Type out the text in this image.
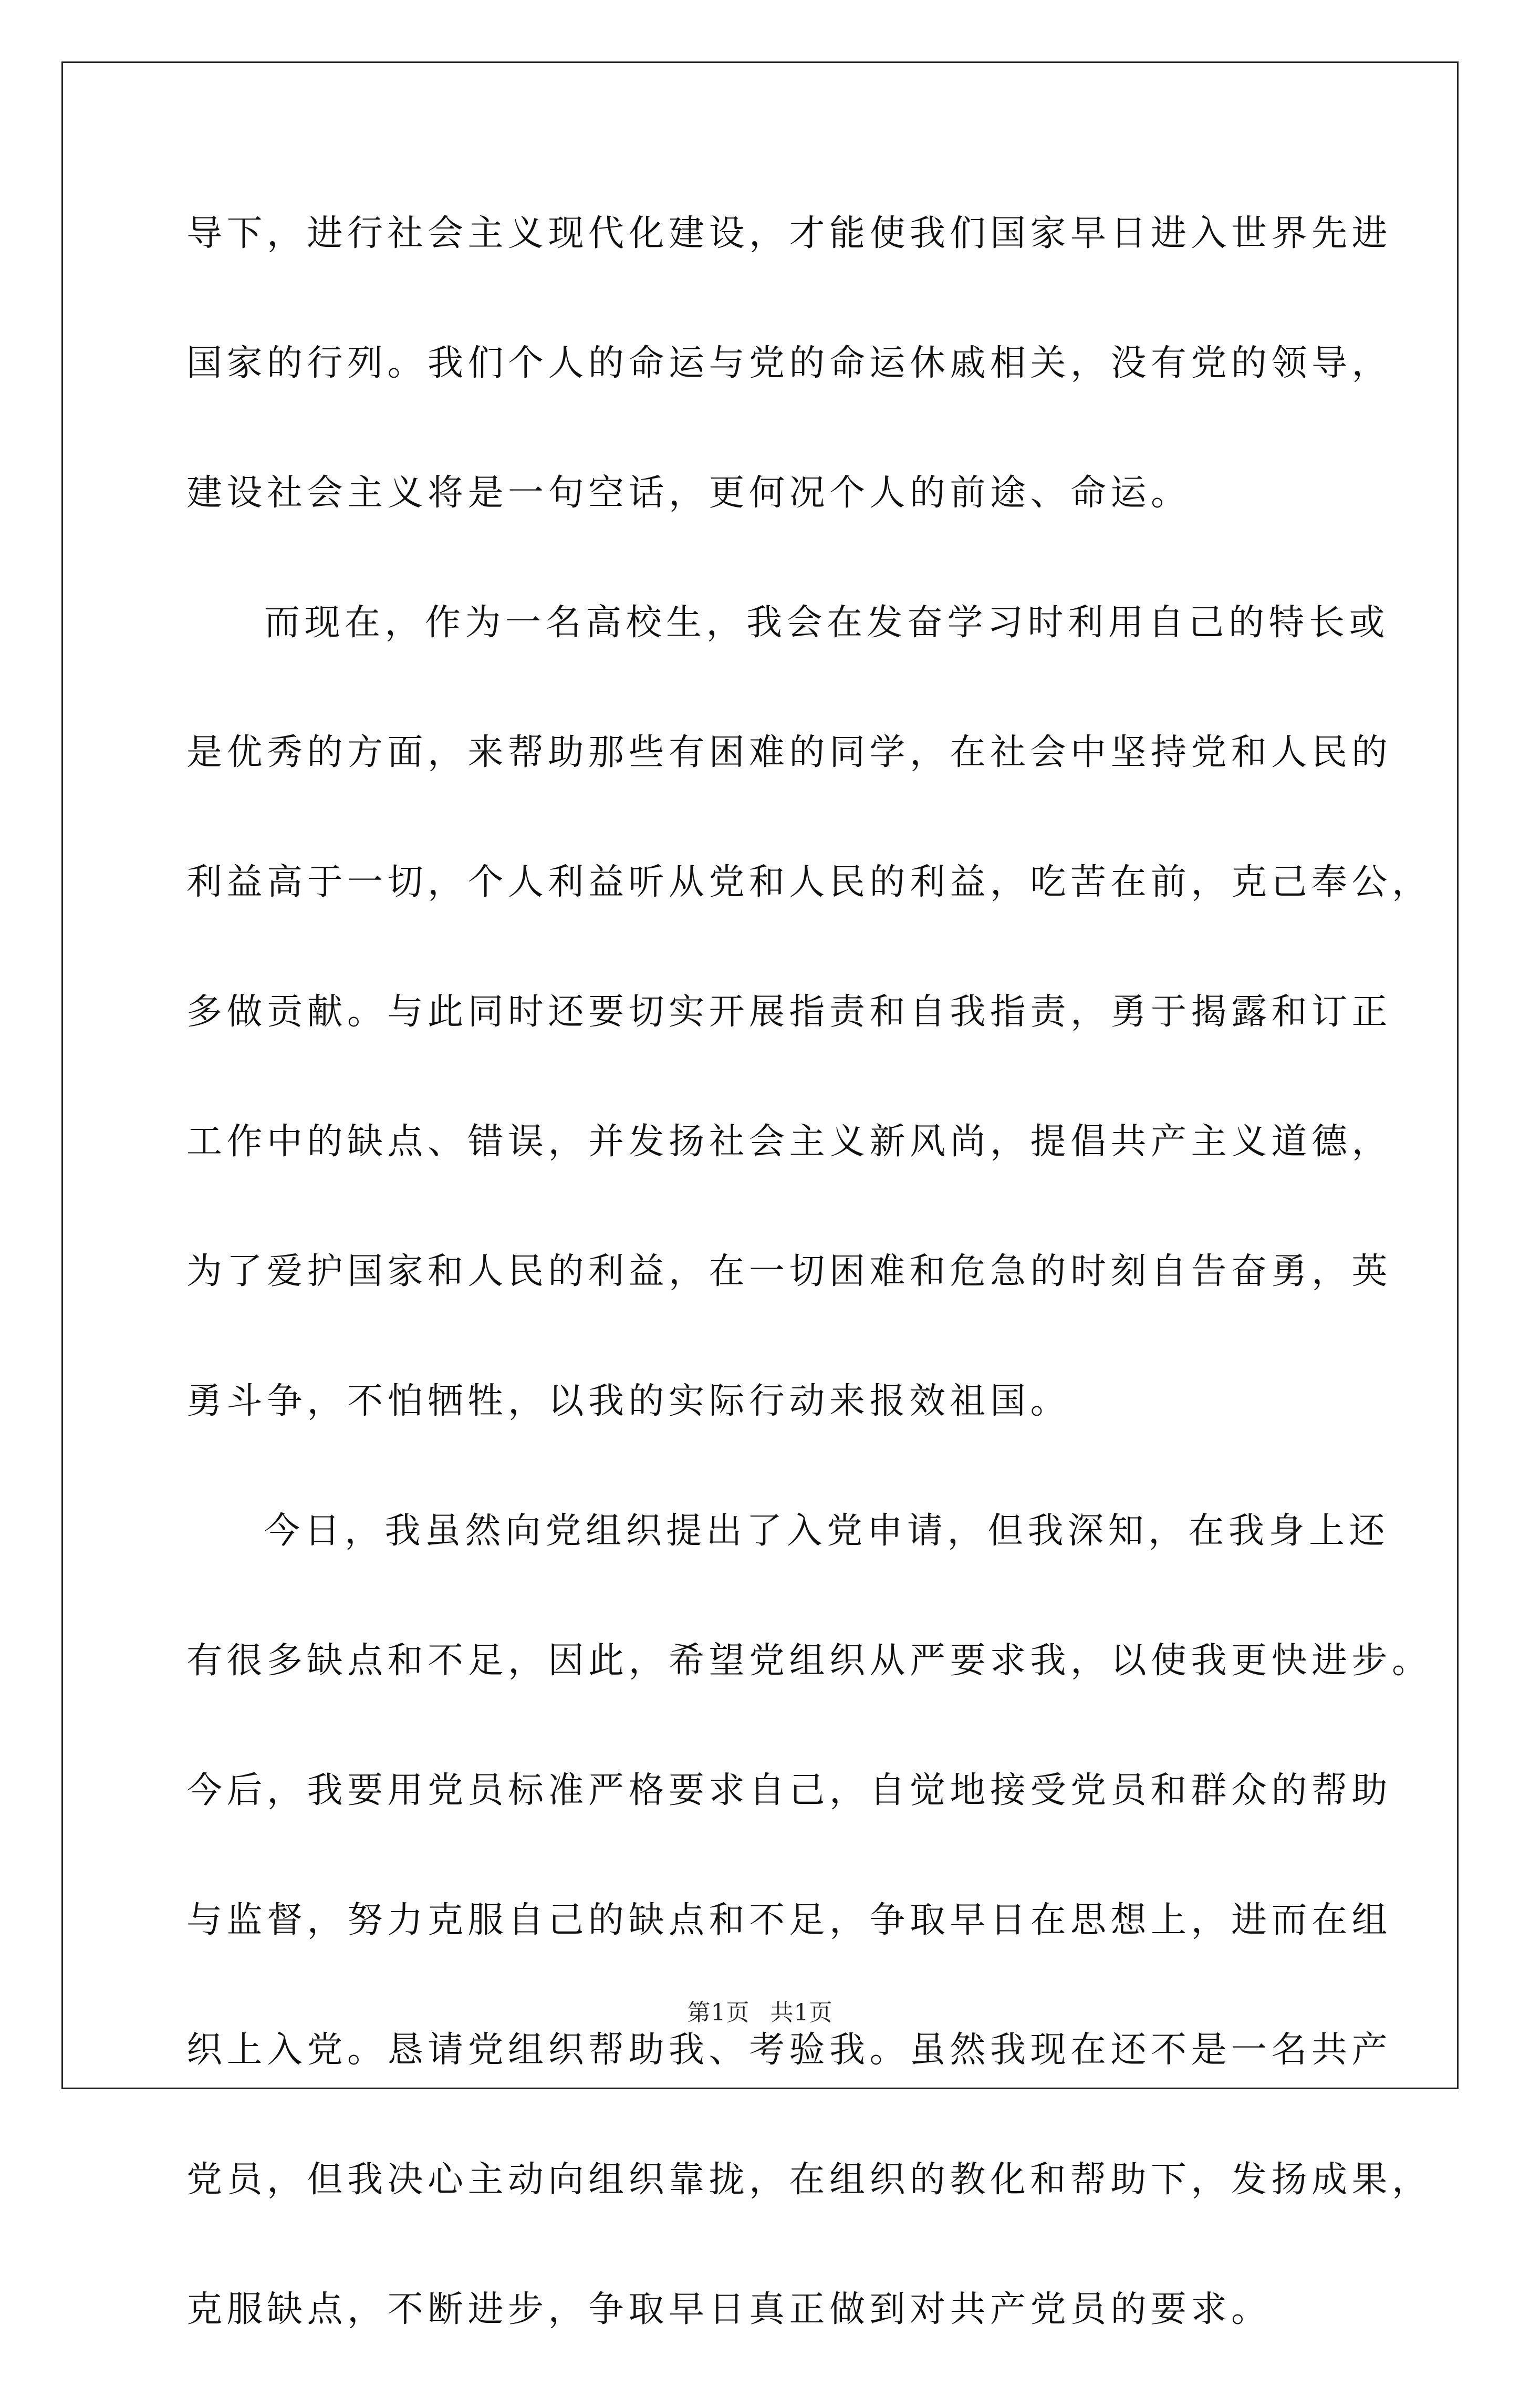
导下，进行社会主义现代化建设，才能使我们国家早日进入世界先进
国家的行列。我们个人的命运与党的命运休戚相关，没有党的领导，
建设社会主义将是一句空话，更何况个人的前途、命运。
而现在，作为一名高校生，我会在发奋学习时利用自己的特长或
是优秀的方面，来帮助那些有困难的同学，在社会中坚持党和人民的
利益高于一切，个人利益听从党和人民的利益，吃苦在前，克己奉公，
多做贡献。与此同时还要切实开展指责和自我指责，勇于揭露和订正
工作中的缺点、错误，并发扬社会主义新风尚，提倡共产主义道德，
为了爱护国家和人民的利益，在一切困难和危急的时刻自告奋勇，英
勇斗争，不怕牺牲，以我的实际行动来报效祖国。
今日，我虽然向党组织提出了入党申请，但我深知，在我身上还
有很多缺点和不足，因此，希望党组织从严要求我，以使我更快进步。
今后，我要用党员标准严格要求自己，自觉地接受党员和群众的帮助
与监督，努力克服自己的缺点和不足，争取早日在思想上，进而在组
织上入党。恳请党组织帮助我、考验我。虽然我现在还不是一名共产
党员，但我决心主动向组织靠拢，在组织的教化和帮助下，发扬成果，
克服缺点，不断进步，争取早日真正做到对共产党员的要求。
第1页 共1页
